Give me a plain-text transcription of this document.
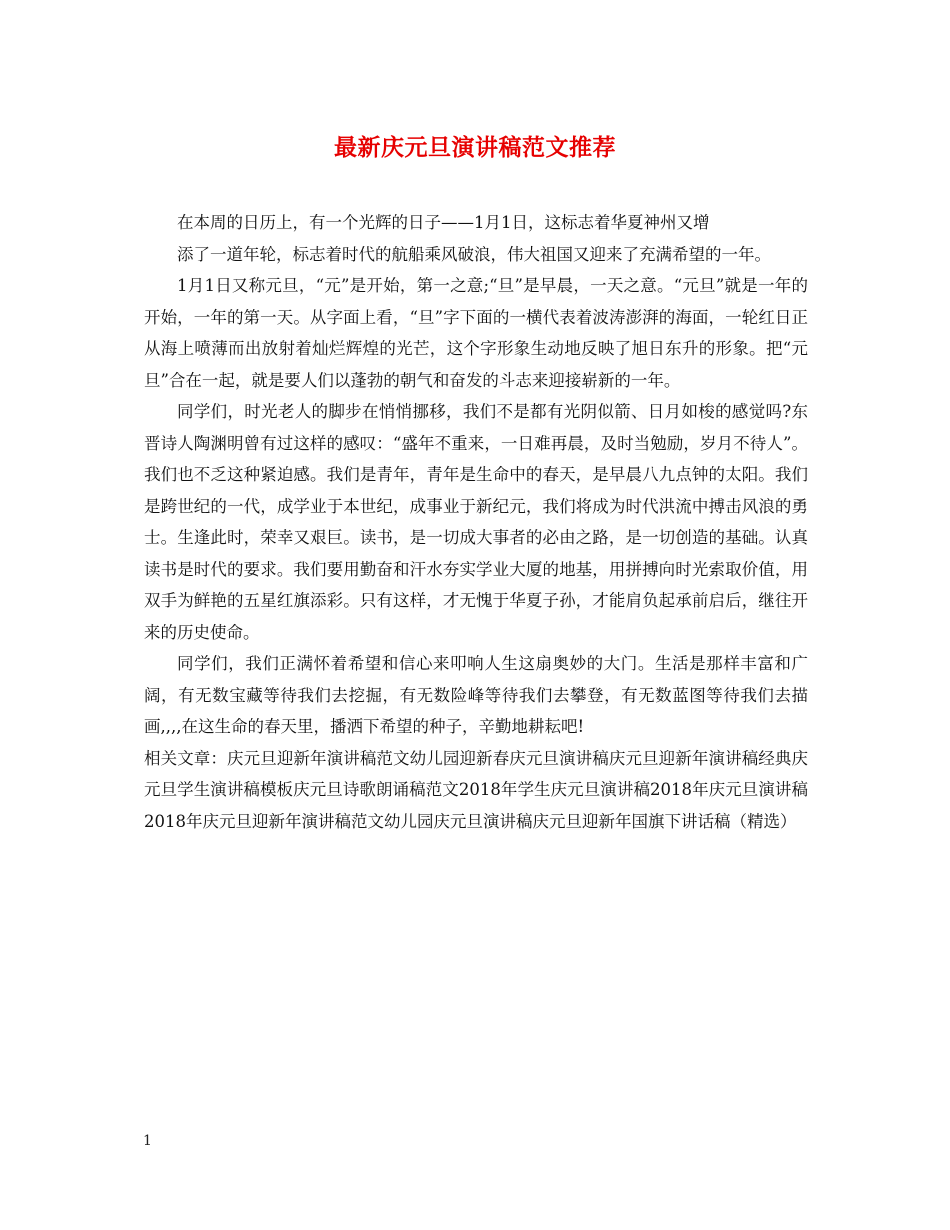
最新庆元旦演讲稿范文推荐

在本周的日历上，有一个光辉的日子——1月1日，这标志着华夏神州又增
添了一道年轮，标志着时代的航船乘风破浪，伟大祖国又迎来了充满希望的一年。

1月1日又称元旦，“元”是开始，第一之意;“旦”是早晨，一天之意。“元旦”就是一年的开始，一年的第一天。从字面上看，“旦”字下面的一横代表着波涛澎湃的海面，一轮红日正从海上喷薄而出放射着灿烂辉煌的光芒，这个字形象生动地反映了旭日东升的形象。把“元旦”合在一起，就是要人们以蓬勃的朝气和奋发的斗志来迎接崭新的一年。

同学们，时光老人的脚步在悄悄挪移，我们不是都有光阴似箭、日月如梭的感觉吗?东晋诗人陶渊明曾有过这样的感叹：“盛年不重来，一日难再晨，及时当勉励，岁月不待人”。我们也不乏这种紧迫感。我们是青年，青年是生命中的春天，是早晨八九点钟的太阳。我们是跨世纪的一代，成学业于本世纪，成事业于新纪元，我们将成为时代洪流中搏击风浪的勇士。生逢此时，荣幸又艰巨。读书，是一切成大事者的必由之路，是一切创造的基础。认真读书是时代的要求。我们要用勤奋和汗水夯实学业大厦的地基，用拼搏向时光索取价值，用双手为鲜艳的五星红旗添彩。只有这样，才无愧于华夏子孙，才能肩负起承前启后，继往开来的历史使命。

同学们，我们正满怀着希望和信心来叩响人生这扇奥妙的大门。生活是那样丰富和广阔，有无数宝藏等待我们去挖掘，有无数险峰等待我们去攀登，有无数蓝图等待我们去描画,,,,在这生命的春天里，播洒下希望的种子，辛勤地耕耘吧!

相关文章：庆元旦迎新年演讲稿范文幼儿园迎新春庆元旦演讲稿庆元旦迎新年演讲稿经典庆元旦学生演讲稿模板庆元旦诗歌朗诵稿范文2018年学生庆元旦演讲稿2018年庆元旦演讲稿2018年庆元旦迎新年演讲稿范文幼儿园庆元旦演讲稿庆元旦迎新年国旗下讲话稿（精选）

1
